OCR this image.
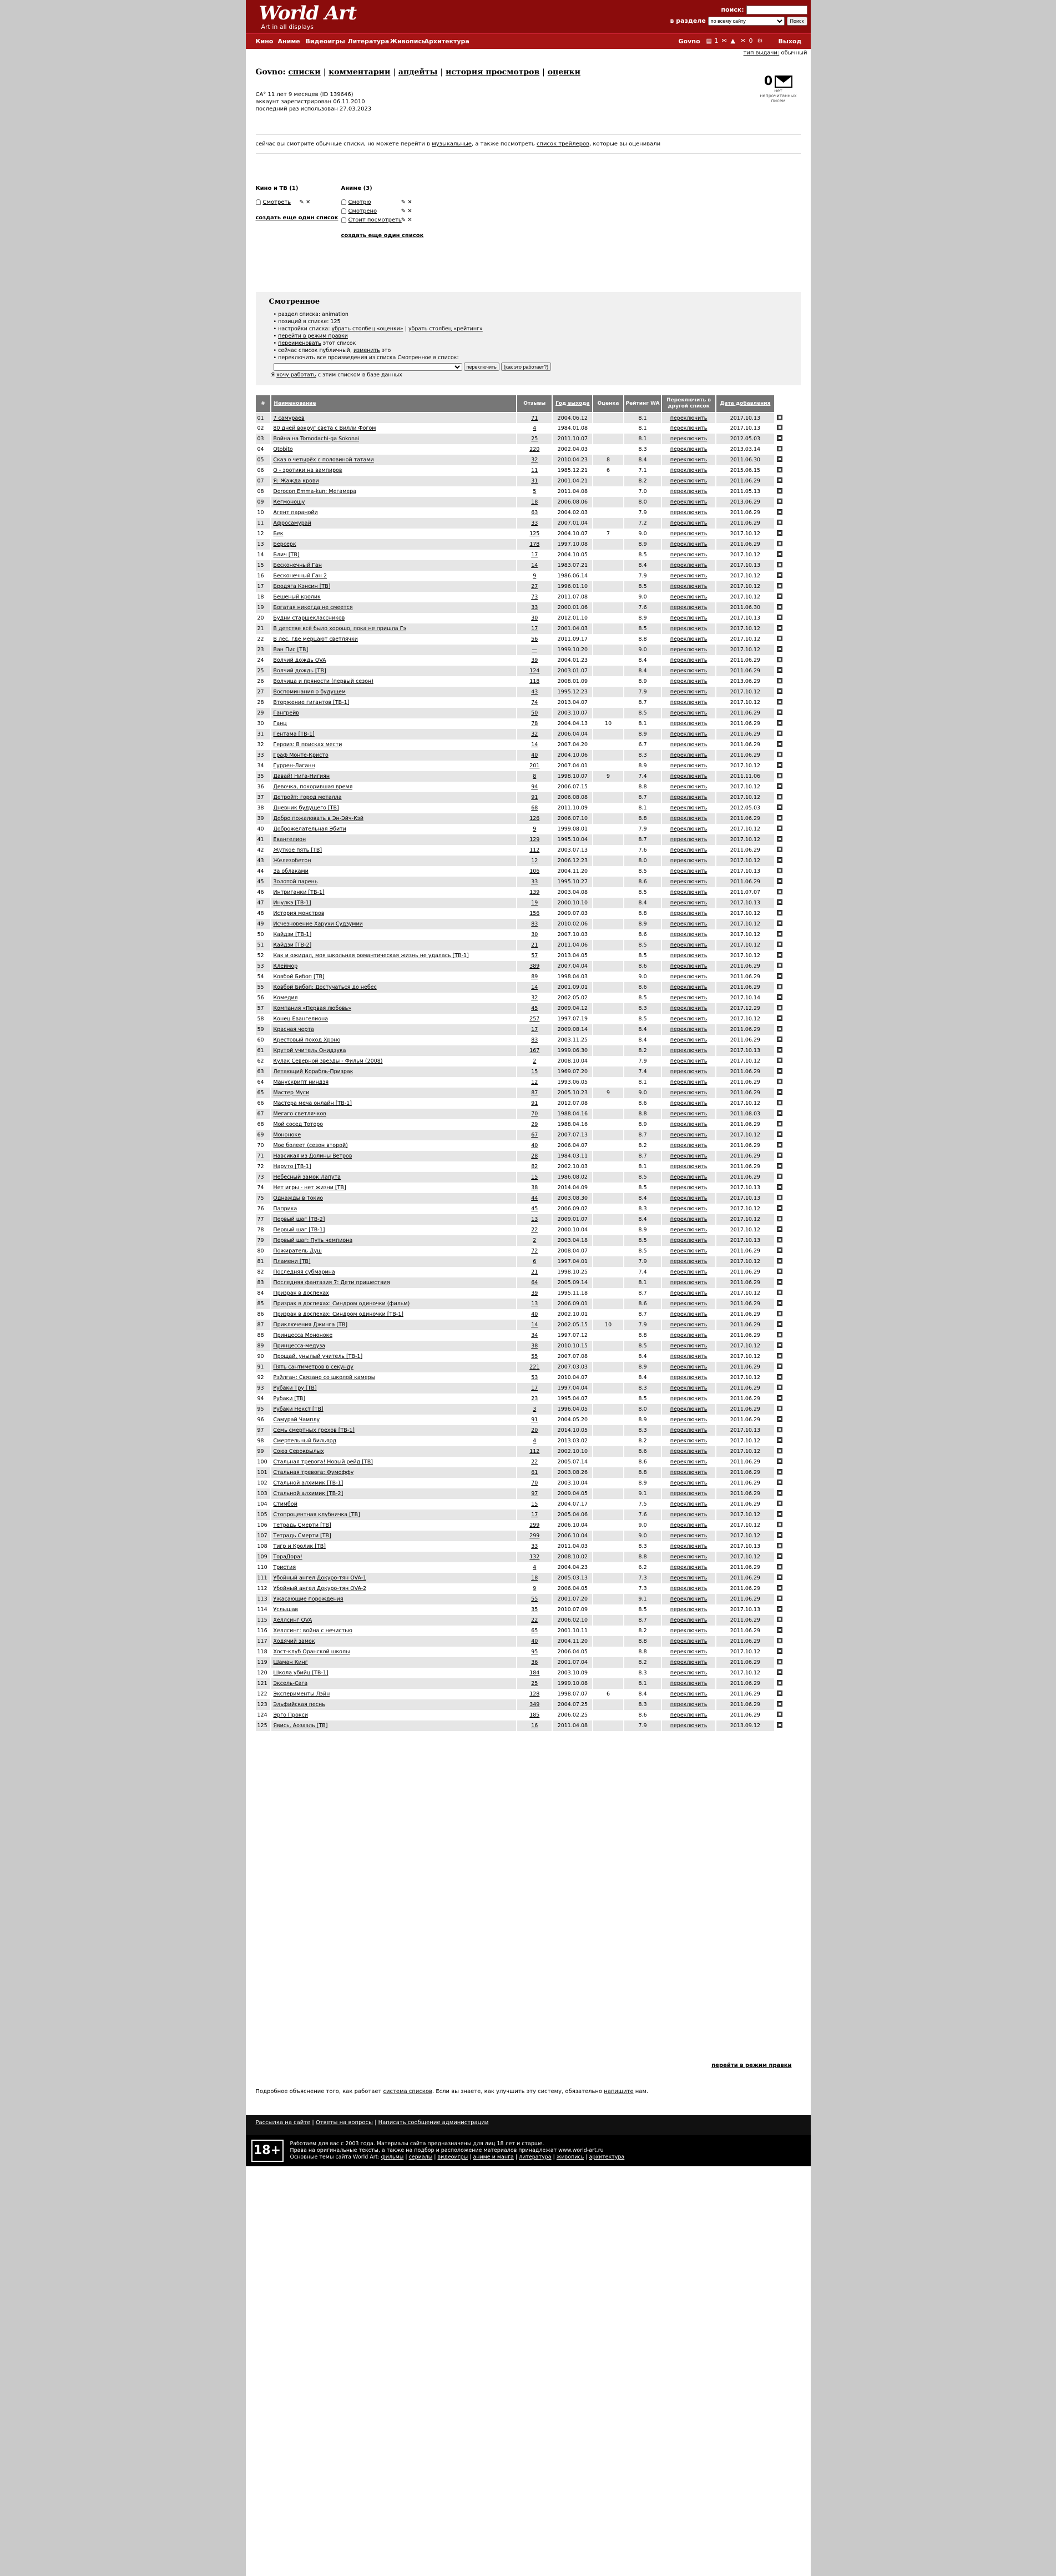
World Art
Art in all displays
поиск:
в разделе
по всему сайту	Поиск
Кино Аниме Видеоигры Литература Живопись
Архитектура	Govno ▤ 1 ✉ ▲ ✉ 0 ⚙	Выход
тип выдачи: обычный
Govno: списки | комментарии | апдейты | история просмотров | оценки
СА° 11 лет 9 месяцев (ID 139646)
аккаунт зарегистрирован 06.11.2010
последний раз использован 27.03.2023
0
нет непрочитанных писем
сейчас вы смотрите обычные списки, но можете перейти в музыкальные, а также посмотреть список трейлеров, которые вы оценивали
Кино и ТВ (1)
Смотреть ✎ ✕
создать еще один список
Аниме (3)
Смотрю	✎ ✕
Смотрено	✎ ✕
Стоит посмотреть ✎ ✕
создать еще один список
Смотренное
• раздел списка: animation
• позиций в списке: 125
• настройки списка: убрать столбец «оценки» | убрать столбец «рейтинг»
• перейти в режим правки
• переименовать этот список
• сейчас список публичный, изменить это
• переключить все произведения из списка Смотренное в список:
переключить (как это работает?)
Я хочу работать с этим списком в базе данных
#	Наименование	Отзывы	Год выхода	Оценка	Рейтинг WA	Переключить в другой список	Дата добавления	
01	7 самураев	71	2004.06.12		8.1	переключить	2017.10.13	
02	80 дней вокруг света с Вилли Фогом	4	1984.01.08		8.1	переключить	2017.10.13	
03	Война на Tomodachi-ga Sokonai	25	2011.10.07		8.1	переключить	2012.05.03	
04	Otobito	220	2002.04.03		8.3	переключить	2013.03.14	
05	Сказ о четырёх с половиной татами	32	2010.04.23	8	8.4	переключить	2011.06.30	
06	О - эротики на вампиров	11	1985.12.21	6	7.1	переключить	2015.06.15	
07	Я: Жажда крови	31	2001.04.21		8.2	переключить	2011.06.29	
08	Dorocon Emma-kun: Мегамера	5	2011.04.08		7.0	переключить	2011.05.13	
09	Кегмоношу	18	2006.08.06		8.0	переключить	2013.06.29	
10	Агент паранойи	63	2004.02.03		7.9	переключить	2011.06.29	
11	Афросамурай	33	2007.01.04		7.2	переключить	2011.06.29	
12	Бек	125	2004.10.07	7	9.0	переключить	2017.10.12	
13	Берсерк	178	1997.10.08		8.9	переключить	2011.06.29	
14	Блич [ТВ]	17	2004.10.05		8.5	переключить	2017.10.12	
15	Бесконечный Ган	14	1983.07.21		8.4	переключить	2017.10.13	
16	Бесконечный Ган 2	9	1986.06.14		7.9	переключить	2017.10.12	
17	Бродяга Кэнсин [ТВ]	27	1996.01.10		8.5	переключить	2017.10.12	
18	Бешеный кролик	73	2011.07.08		9.0	переключить	2017.10.12	
19	Богатая никогда не смеется	33	2000.01.06		7.6	переключить	2011.06.30	
20	Будни старшеклассников	30	2012.01.10		8.9	переключить	2017.10.13	
21	В детстве всё было хорошо, пока не пришла Гэ	17	2001.04.03		8.5	переключить	2017.10.12	
22	В лес, где мерцают светлячки	56	2011.09.17		8.8	переключить	2017.10.12	
23	Ван Пис [ТВ]	—	1999.10.20		9.0	переключить	2017.10.12	
24	Волчий дождь OVA	39	2004.01.23		8.4	переключить	2011.06.29	
25	Волчий дождь [ТВ]	124	2003.01.07		8.4	переключить	2011.06.29	
26	Волчица и пряности (первый сезон)	118	2008.01.09		8.9	переключить	2013.06.29	
27	Воспоминания о будущем	43	1995.12.23		7.9	переключить	2017.10.12	
28	Вторжение гигантов [ТВ-1]	74	2013.04.07		8.7	переключить	2017.10.12	
29	Гангрейв	50	2003.10.07		8.5	переключить	2011.06.29	
30	Ганц	78	2004.04.13	10	8.1	переключить	2011.06.29	
31	Гентама [ТВ-1]	32	2006.04.04		8.9	переключить	2011.06.29	
32	Героиз: В поисках мести	14	2007.04.20		6.7	переключить	2011.06.29	
33	Граф Монте-Кристо	40	2004.10.06		8.3	переключить	2011.06.29	
34	Гуррен-Лаганн	201	2007.04.01		8.9	переключить	2017.10.12	
35	Давай! Нига-Нигиян	8	1998.10.07	9	7.4	переключить	2011.11.06	
36	Девочка, покорившая время	94	2006.07.15		8.8	переключить	2017.10.12	
37	Детройт: город металла	91	2006.08.08		8.7	переключить	2017.10.12	
38	Дневник будущего [ТВ]	68	2011.10.09		8.1	переключить	2012.05.03	
39	Добро пожаловать в Эн-Эйч-Кэй	126	2006.07.10		8.8	переключить	2011.06.29	
40	Доброжелательная Эбити	9	1999.08.01		7.9	переключить	2017.10.12	
41	Евангелион	129	1995.10.04		8.7	переключить	2017.10.12	
42	Жуткое пять [ТВ]	112	2003.07.13		7.6	переключить	2011.06.29	
43	Железобетон	12	2006.12.23		8.0	переключить	2017.10.12	
44	За облаками	106	2004.11.20		8.5	переключить	2017.10.13	
45	Золотой парень	33	1995.10.27		8.6	переключить	2011.06.29	
46	Интриганки [ТВ-1]	139	2003.04.08		8.5	переключить	2011.07.07	
47	Инулкэ [ТВ-1]	19	2000.10.10		8.4	переключить	2017.10.13	
48	История монстров	156	2009.07.03		8.8	переключить	2017.10.12	
49	Исчезновение Харухи Судзумии	83	2010.02.06		8.9	переключить	2017.10.12	
50	Кайдзи [ТВ-1]	30	2007.10.03		8.6	переключить	2017.10.12	
51	Кайдзи [ТВ-2]	21	2011.04.06		8.5	переключить	2017.10.12	
52	Как и ожидал, моя школьная романтическая жизнь не удалась [ТВ-1]	57	2013.04.05		8.5	переключить	2017.10.12	
53	Клеймор	389	2007.04.04		8.6	переключить	2011.06.29	
54	Ковбой Бибоп [ТВ]	89	1998.04.03		9.0	переключить	2011.06.29	
55	Ковбой Бибоп: Достучаться до небес	14	2001.09.01		8.6	переключить	2011.06.29	
56	Комедия	32	2002.05.02		8.5	переключить	2017.10.14	
57	Компания «Первая любовь»	45	2009.04.12		8.3	переключить	2017.12.29	
58	Конец Евангелиона	257	1997.07.19		8.5	переключить	2017.10.12	
59	Красная черта	17	2009.08.14		8.4	переключить	2011.06.29	
60	Крестовый поход Хроно	83	2003.11.25		8.4	переключить	2011.06.29	
61	Крутой учитель Онидзука	167	1999.06.30		8.2	переключить	2017.10.13	
62	Кулак Северной звезды - Фильм (2008)	2	2008.10.04		7.9	переключить	2017.10.12	
63	Летающий Корабль-Призрак	15	1969.07.20		7.4	переключить	2011.06.29	
64	Манускрипт ниндзя	12	1993.06.05		8.1	переключить	2011.06.29	
65	Мастер Муси	87	2005.10.23	9	9.0	переключить	2011.06.29	
66	Мастера меча онлайн [ТВ-1]	91	2012.07.08		8.6	переключить	2017.10.12	
67	Мегаго светлячков	70	1988.04.16		8.8	переключить	2011.08.03	
68	Мой сосед Тоторо	29	1988.04.16		8.9	переключить	2011.06.29	
69	Мононоке	67	2007.07.13		8.7	переключить	2017.10.12	
70	Мое болеет (сезон второй)	40	2006.04.07		8.2	переключить	2011.06.29	
71	Навсикая из Долины Ветров	28	1984.03.11		8.7	переключить	2011.06.29	
72	Наруто [ТВ-1]	82	2002.10.03		8.1	переключить	2011.06.29	
73	Небесный замок Лапута	15	1986.08.02		8.5	переключить	2011.06.29	
74	Нет игры - нет жизни [ТВ]	38	2014.04.09		8.5	переключить	2017.10.13	
75	Однажды в Токио	44	2003.08.30		8.4	переключить	2017.10.13	
76	Паприка	45	2006.09.02		8.3	переключить	2017.10.12	
77	Первый шаг [ТВ-2]	13	2009.01.07		8.4	переключить	2017.10.12	
78	Первый шаг [ТВ-1]	22	2000.10.04		8.9	переключить	2017.10.12	
79	Первый шаг: Путь чемпиона	2	2003.04.18		8.5	переключить	2017.10.13	
80	Пожиратель Душ	72	2008.04.07		8.5	переключить	2011.06.29	
81	Пламени [ТВ]	6	1997.04.01		7.9	переключить	2017.10.12	
82	Последняя субмарина	21	1998.10.25		7.4	переключить	2011.06.29	
83	Последняя фантазия 7: Дети пришествия	64	2005.09.14		8.1	переключить	2011.06.29	
84	Призрак в доспехах	39	1995.11.18		8.7	переключить	2017.10.12	
85	Призрак в доспехах: Синдром одиночки (фильм)	13	2006.09.01		8.6	переключить	2011.06.29	
86	Призрак в доспехах: Синдром одиночки [ТВ-1]	40	2002.10.01		8.7	переключить	2011.06.29	
87	Приключения Джинга [ТВ]	14	2002.05.15	10	7.9	переключить	2011.06.29	
88	Принцесса Мононоке	34	1997.07.12		8.8	переключить	2011.06.29	
89	Принцесса-медуза	38	2010.10.15		8.5	переключить	2017.10.12	
90	Прощай, унылый учитель [ТВ-1]	55	2007.07.08		8.4	переключить	2017.10.12	
91	Пять сантиметров в секунду	221	2007.03.03		8.9	переключить	2011.06.29	
92	Рэйлган: Связано со школой камеры	53	2010.04.07		8.4	переключить	2017.10.12	
93	Рубаки Тру [ТВ]	17	1997.04.04		8.3	переключить	2011.06.29	
94	Рубаки [ТВ]	23	1995.04.07		8.5	переключить	2011.06.29	
95	Рубаки Некст [ТВ]	3	1996.04.05		8.0	переключить	2011.06.29	
96	Самурай Чамплу	91	2004.05.20		8.9	переключить	2011.06.29	
97	Семь смертных грехов [ТВ-1]	20	2014.10.05		8.3	переключить	2017.10.13	
98	Смертельный бильярд	4	2013.03.02		8.2	переключить	2017.10.12	
99	Союз Серокрылых	112	2002.10.10		8.6	переключить	2017.10.12	
100	Стальная тревога! Новый рейд [ТВ]	22	2005.07.14		8.6	переключить	2011.06.29	
101	Стальная тревога: Фумоффу	61	2003.08.26		8.8	переключить	2011.06.29	
102	Стальной алхимик [ТВ-1]	70	2003.10.04		8.9	переключить	2011.06.29	
103	Стальной алхимик [ТВ-2]	97	2009.04.05		9.1	переключить	2011.06.29	
104	Стимбой	15	2004.07.17		7.5	переключить	2011.06.29	
105	Стопроцентная клубничка [ТВ]	17	2005.04.06		7.6	переключить	2017.10.12	
106	Тетрадь Смерти [ТВ]	299	2006.10.04		9.0	переключить	2017.10.12	
107	Тетрадь Смерти [ТВ]	299	2006.10.04		9.0	переключить	2017.10.12	
108	Тигр и Кролик [ТВ]	33	2011.04.03		8.3	переключить	2017.10.13	
109	ТораДора!	132	2008.10.02		8.8	переключить	2017.10.12	
110	Тристия	4	2004.04.23		6.2	переключить	2011.06.29	
111	Убойный ангел Докуро-тян OVA-1	18	2005.03.13		7.3	переключить	2011.06.29	
112	Убойный ангел Докуро-тян OVA-2	9	2006.04.05		7.3	переключить	2011.06.29	
113	Ужасающие порождения	55	2001.07.20		9.1	переключить	2011.06.29	
114	Услышав	35	2010.07.09		8.5	переключить	2017.10.13	
115	Хеллсинг OVA	22	2006.02.10		8.7	переключить	2011.06.29	
116	Хеллсинг: война с нечистью	65	2001.10.11		8.2	переключить	2011.06.29	
117	Ходячий замок	40	2004.11.20		8.8	переключить	2011.06.29	
118	Хост-клуб Оранской школы	95	2006.04.05		8.8	переключить	2017.10.12	
119	Шаман Кинг	36	2001.07.04		8.2	переключить	2011.06.29	
120	Школа убийц [ТВ-1]	184	2003.10.09		8.3	переключить	2017.10.12	
121	Эксель-Сага	25	1999.10.08		8.1	переключить	2011.06.29	
122	Эксперименты Лэйн	128	1998.07.07	6	8.4	переключить	2011.06.29	
123	Эльфийская песнь	349	2004.07.25		8.3	переключить	2011.06.29	
124	Эрго Прокси	185	2006.02.25		8.6	переключить	2011.06.29	
125	Явись, Аозаэль [ТВ]	16	2011.04.08		7.9	переключить	2013.09.12	
перейти в режим правки
Подробное объяснение того, как работает система списков. Если вы знаете, как улучшить эту систему, обязательно напишите нам.
Рассылка на сайте | Ответы на вопросы | Написать сообщение администрации
18+	Работаем для вас с 2003 года. Материалы сайта предназначены для лиц 18 лет и старше.
Права на оригинальные тексты, а также на подбор и расположение материалов принадлежат www.world-art.ru
Основные темы сайта World Art: фильмы | сериалы | видеоигры | аниме и манга | литература | живопись | архитектура
